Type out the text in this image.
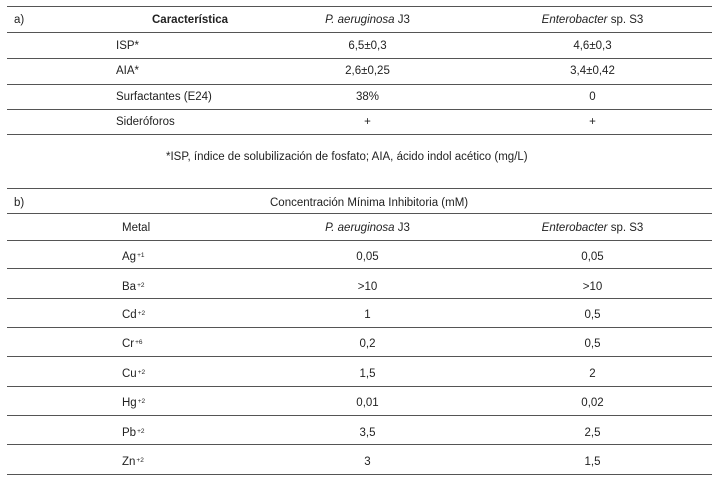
a)	Característica	P. aeruginosa J3	Enterobacter sp. S3
ISP*	6,5±0,3	4,6±0,3
AIA*	2,6±0,25	3,4±0,42
Surfactantes (E24)	38%	0
Sideróforos	+	+
*ISP, índice de solubilización de fosfato; AIA, ácido indol acético (mg/L)
b)	Concentración Mínima Inhibitoria (mM)
Metal	P. aeruginosa J3	Enterobacter sp. S3
$Ag^{+1}$	0,05	0,05
$Ba^{+2}$	>10	>10
$Cd^{+2}$	1	0,5
$Cr^{+6}$	0,2	0,5
$Cu^{+2}$	1,5	2
$Hg^{+2}$	0,01	0,02
$Pb^{+2}$	3,5	2,5
$Zn^{+2}$	3	1,5
